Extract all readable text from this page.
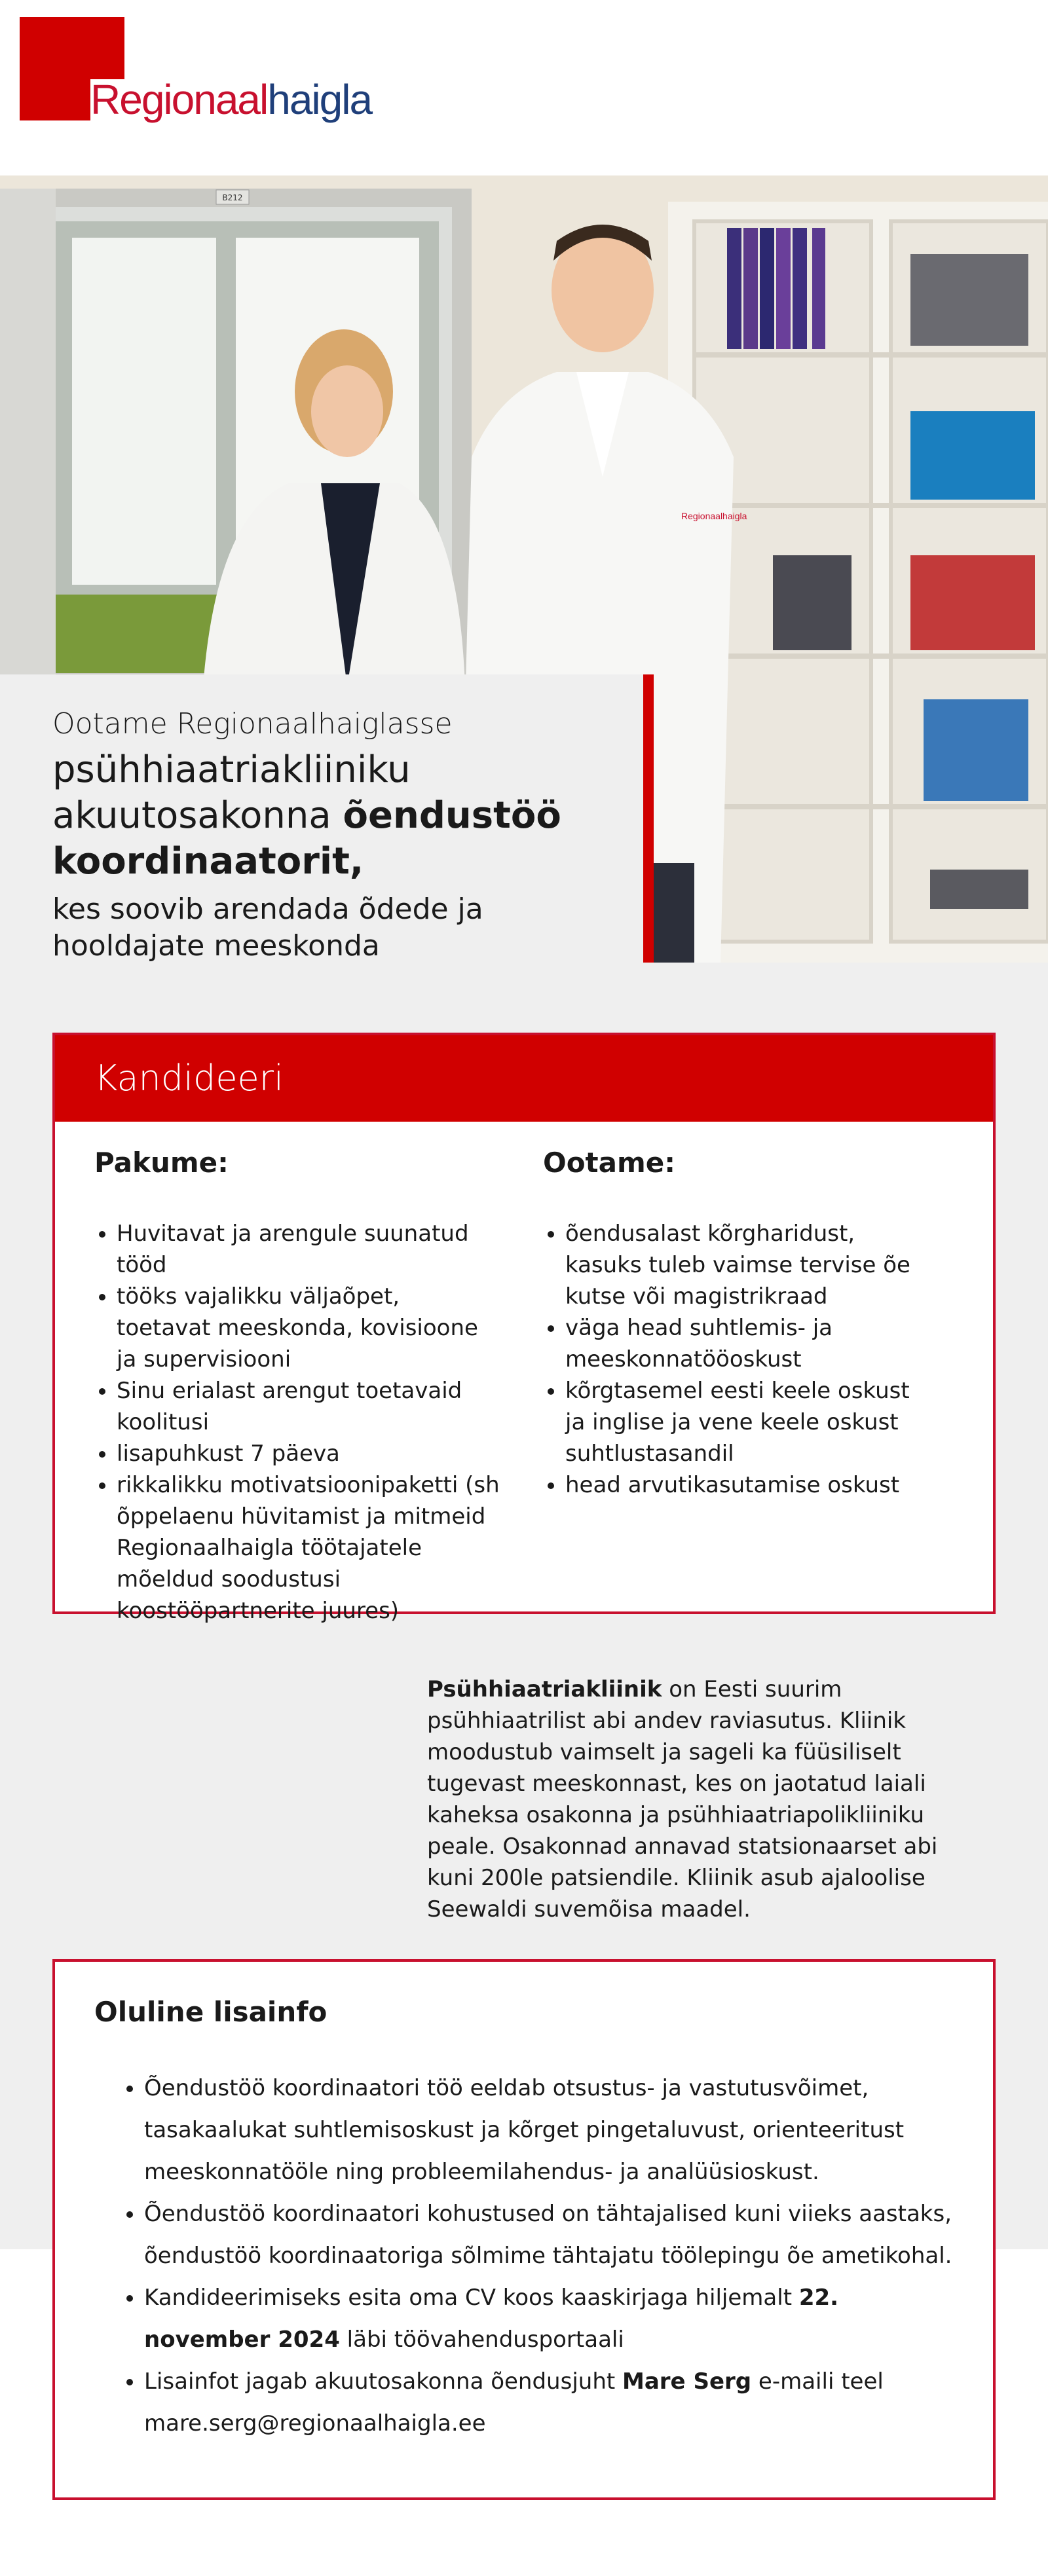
Regionaalhaigla
B212
Regionaalhaigla
Ootame Regionaalhaiglasse
psühhiaatriakliiniku
akuutosakonna õendustöö
koordinaatorit,
kes soovib arendada õdede ja hooldajate meeskonda
Kandideeri
Pakume:
• Huvitavat ja arengule suunatud tööd
• tööks vajalikku väljaõpet, toetavat meeskonda, kovisioone ja supervisiooni
• Sinu erialast arengut toetavaid koolitusi
• lisapuhkust 7 päeva
• rikkalikku motivatsioonipaketti (sh õppelaenu hüvitamist ja mitmeid Regionaalhaigla töötajatele mõeldud soodustusi koostööpartnerite juures)
Ootame:
• õendusalast kõrgharidust, kasuks tuleb vaimse tervise õe kutse või magistrikraad
• väga head suhtlemis- ja meeskonnatööoskust
• kõrgtasemel eesti keele oskust ja inglise ja vene keele oskust suhtlustasandil
• head arvutikasutamise oskust

Psühhiaatriakliinik on Eesti suurim psühhiaatrilist abi andev raviasutus. Kliinik moodustub vaimselt ja sageli ka füüsiliselt tugevast meeskonnast, kes on jaotatud laiali kaheksa osakonna ja psühhiaatriapolikliiniku peale. Osakonnad annavad statsionaarset abi kuni 200le patsiendile. Kliinik asub ajaloolise Seewaldi suvemõisa maadel.

Oluline lisainfo
• Õendustöö koordinaatori töö eeldab otsustus- ja vastutusvõimet, tasakaalukat suhtlemisoskust ja kõrget pingetaluvust, orienteeritust meeskonnatööle ning probleemilahendus- ja analüüsioskust.
• Õendustöö koordinaatori kohustused on tähtajalised kuni viieks aastaks, õendustöö koordinaatoriga sõlmime tähtajatu töölepingu õe ametikohal.
• Kandideerimiseks esita oma CV koos kaaskirjaga hiljemalt 22. november 2024 läbi töövahendusportaali
• Lisainfot jagab akuutosakonna õendusjuht Mare Serg e-maili teel mare.serg@regionaalhaigla.ee
